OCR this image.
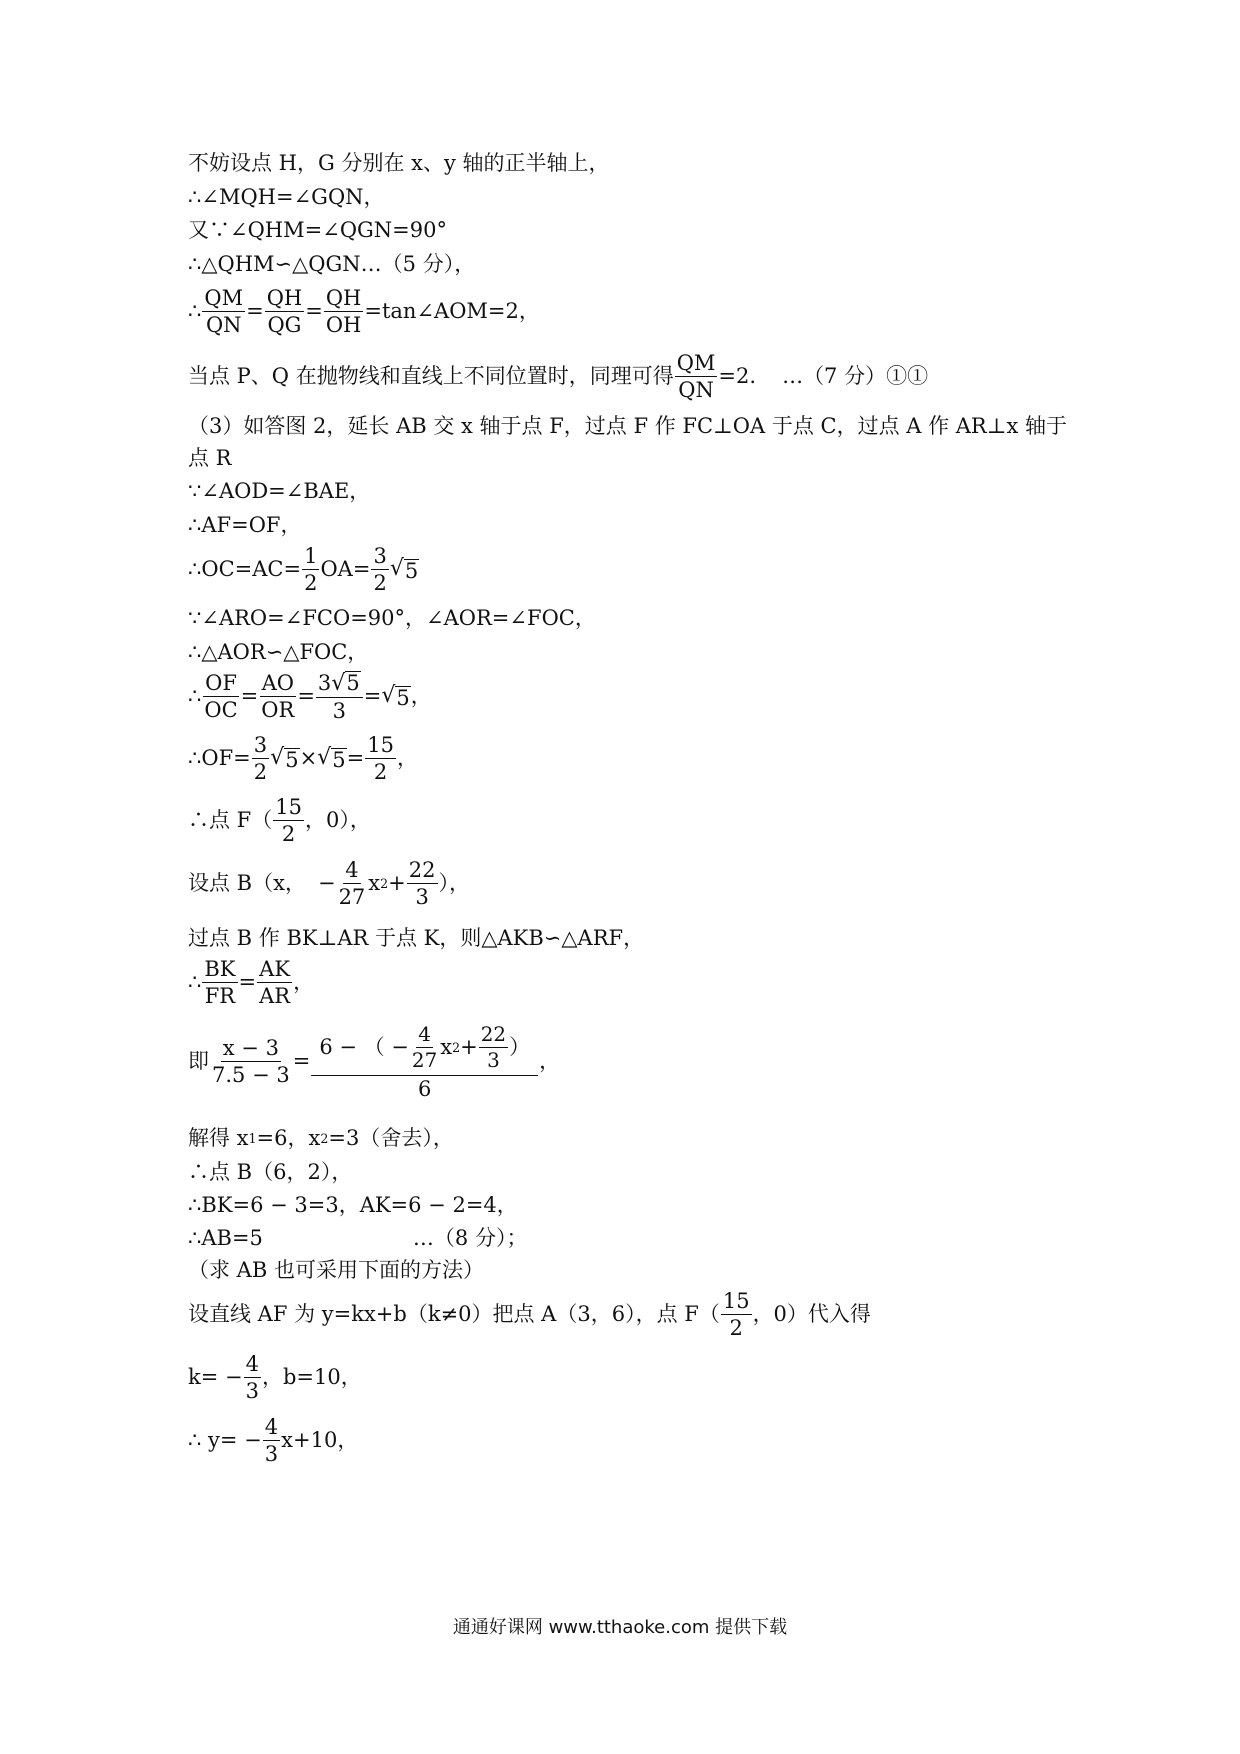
不妨设点 H，G 分别在 x、y 轴的正半轴上，
∴∠MQH=∠GQN，
又∵∠QHM=∠QGN=90°
∴△QHM∽△QGN…（5 分），
∴ $\frac{QM}{QN} = \frac{QH}{QG} = \frac{QH}{OH}$ =tan∠AOM=2，
当点 P、Q 在抛物线和直线上不同位置时，同理可得 $\frac{QM}{QN} =2$. …（7 分）①①
（3）如答图 2，延长 AB 交 x 轴于点 F，过点 F 作 FC⊥OA 于点 C，过点 A 作 AR⊥x 轴于
点 R
∵∠AOD=∠BAE，
∴AF=OF，
∴OC=AC= $\frac{1}{2} OA= \frac{3}{2}$ √ 5
∵∠ARO=∠FCO=90°，∠AOR=∠FOC，
∴△AOR∽△FOC，
∴ $\frac{OF}{OC} = \frac{AO}{OR} = \frac{3 √ 5}{3}$ = √ 5 ，
∴OF= $\frac{3}{2}$ √ 5 × √ $5 = \frac{15}{2}$ ，
∴点 $F( \frac{15}{2}$ ，0），
设点 B（x， − $\frac{4}{27}$ x $2 + \frac{22}{3}$ ），
过点 B 作 BK⊥AR 于点 K，则△AKB∽△ARF，
∴ $\frac{BK}{FR} = \frac{AK}{AR}$ ，
即 $\frac{x - 3}{7.5 - 3}$ =
6 − （ − $\frac{4}{27}$ x $2 + \frac{22}{3}$ ）
6
，
解得 x 1 =6，x 2 =3（舍去），
∴点 B（6，2），
∴BK=6 − 3=3，AK=6 − 2=4，
∴AB=5	…（8 分）；
（求 AB 也可采用下面的方法）
设直线 AF 为 y=kx+b（k≠0）把点 A（3，6），点 $F( \frac{15}{2}$ ，0）代入得
$k= - \frac{4}{3}$ ，b=10，
∴ $y= - \frac{4}{3} x+10$，
通通好课网 www.tthaoke.com 提供下载
